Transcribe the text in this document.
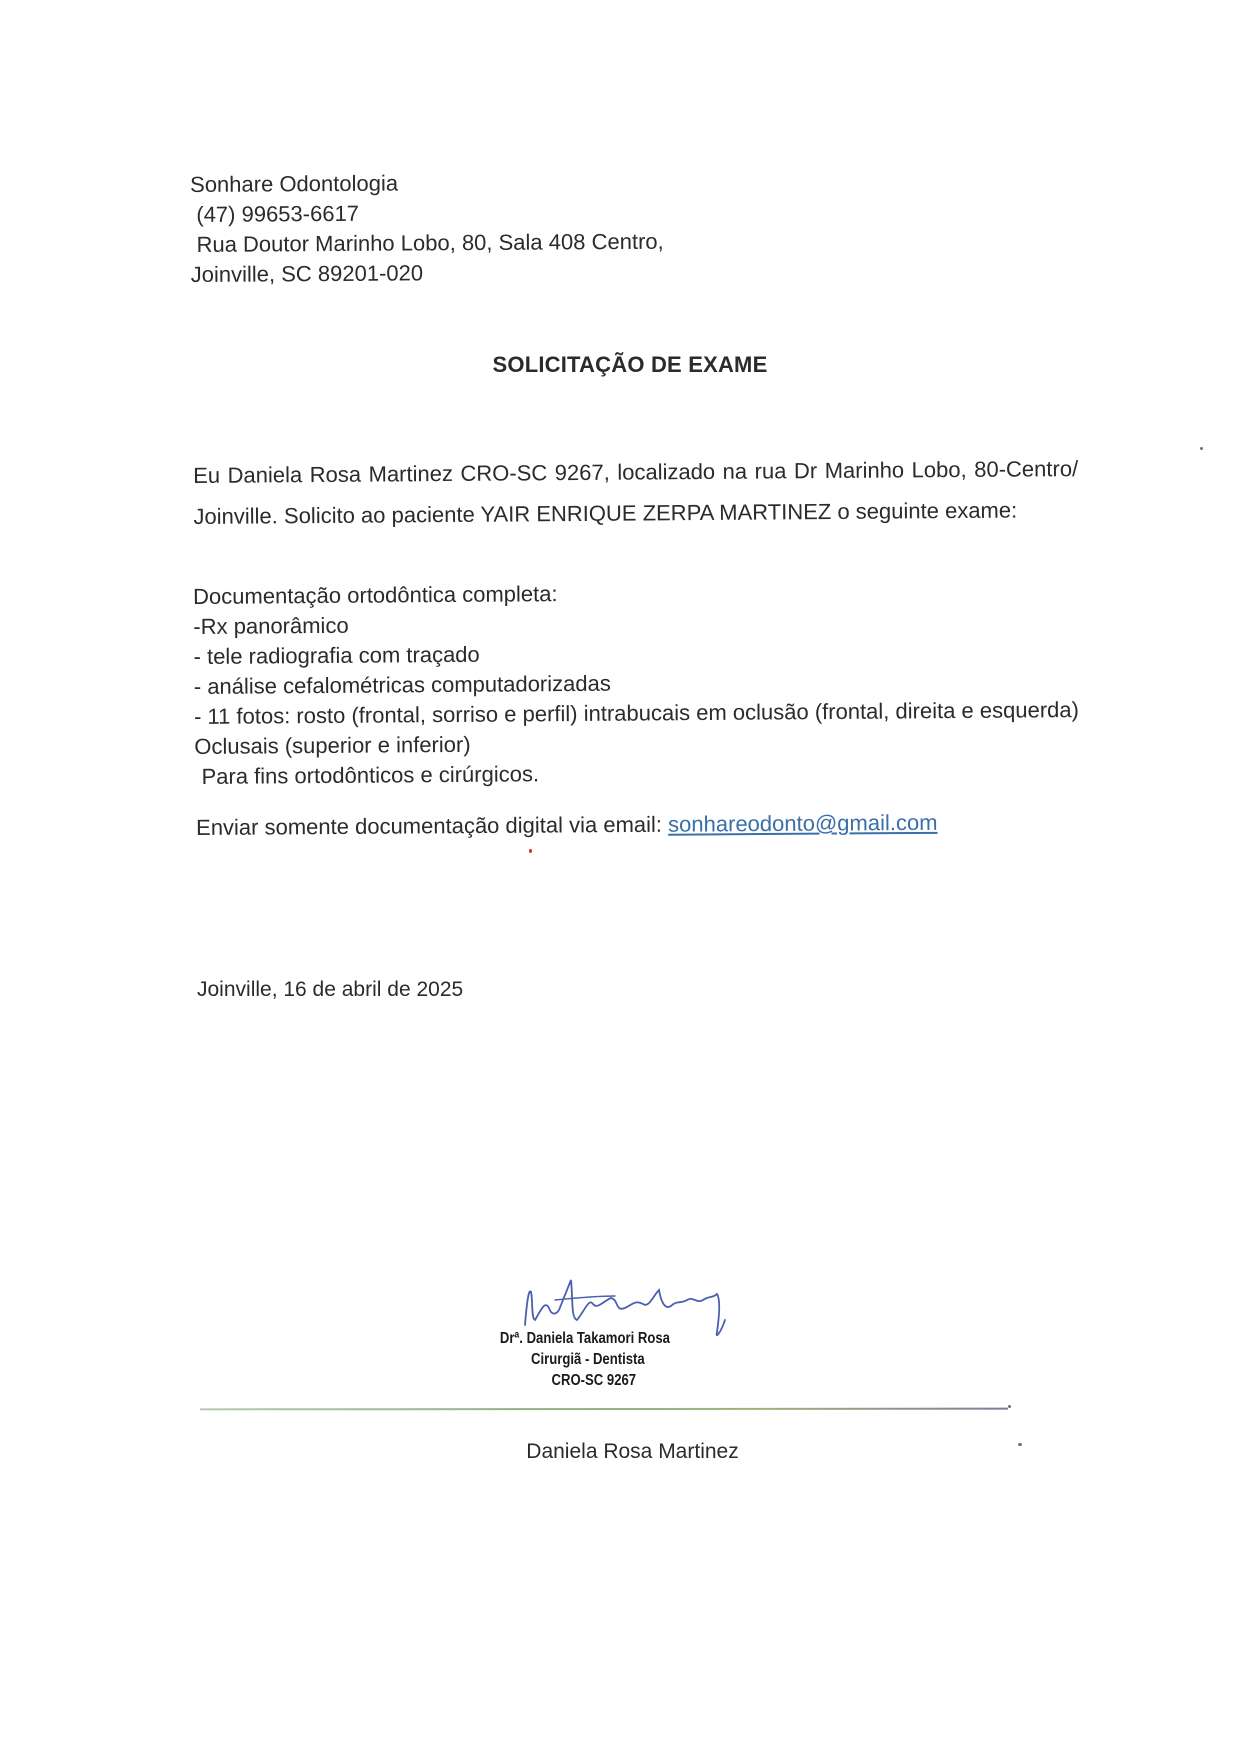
Sonhare Odontologia
(47) 99653-6617
Rua Doutor Marinho Lobo, 80, Sala 408 Centro,
Joinville, SC 89201-020
SOLICITAÇÃO DE EXAME
Eu Daniela Rosa Martinez CRO-SC 9267, localizado na rua Dr Marinho Lobo, 80-Centro/ Joinville. Solicito ao paciente YAIR ENRIQUE ZERPA MARTINEZ o seguinte exame:
Documentação ortodôntica completa:
-Rx panorâmico
- tele radiografia com traçado
- análise cefalométricas computadorizadas
- 11 fotos: rosto (frontal, sorriso e perfil) intrabucais em oclusão (frontal, direita e esquerda) Oclusais (superior e inferior)
Para fins ortodônticos e cirúrgicos.
Enviar somente documentação digital via email: sonhareodonto@gmail.com
Joinville, 16 de abril de 2025
Drª. Daniela Takamori Rosa
Cirurgiã - Dentista
CRO-SC 9267
Daniela Rosa Martinez
